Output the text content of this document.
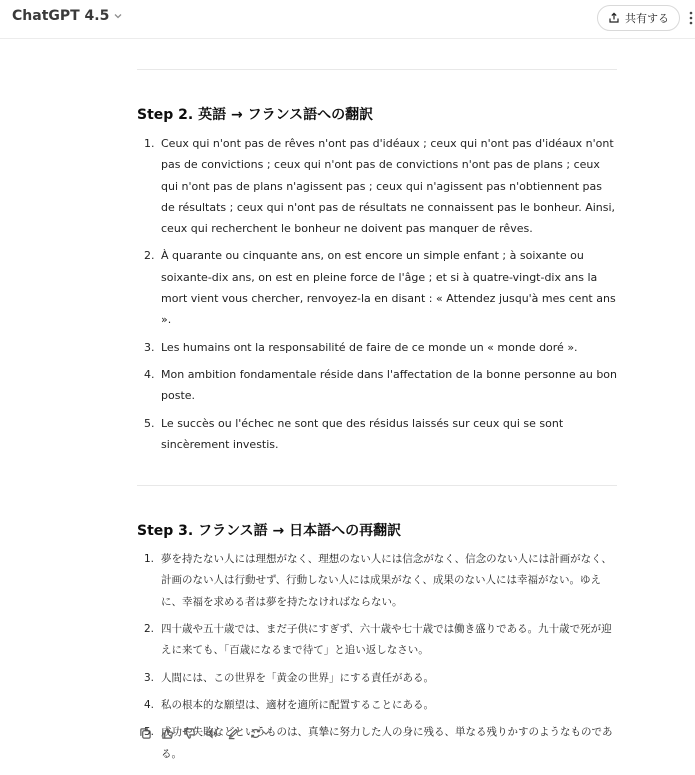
ChatGPT 4.5	共有する
Step 2. 英語 → フランス語への翻訳
1. Ceux qui n'ont pas de rêves n'ont pas d'idéaux ; ceux qui n'ont pas d'idéaux n'ont pas de convictions ; ceux qui n'ont pas de convictions n'ont pas de plans ; ceux qui n'ont pas de plans n'agissent pas ; ceux qui n'agissent pas n'obtiennent pas de résultats ; ceux qui n'ont pas de résultats ne connaissent pas le bonheur. Ainsi, ceux qui recherchent le bonheur ne doivent pas manquer de rêves.
2. À quarante ou cinquante ans, on est encore un simple enfant ; à soixante ou soixante-dix ans, on est en pleine force de l'âge ; et si à quatre-vingt-dix ans la mort vient vous chercher, renvoyez-la en disant : « Attendez jusqu'à mes cent ans ».
3. Les humains ont la responsabilité de faire de ce monde un « monde doré ».
4. Mon ambition fondamentale réside dans l'affectation de la bonne personne au bon poste.
5. Le succès ou l'échec ne sont que des résidus laissés sur ceux qui se sont sincèrement investis.
Step 3. フランス語 → 日本語への再翻訳
1. 夢を持たない人には理想がなく、理想のない人には信念がなく、信念のない人には計画がなく、計画のない人は行動せず、行動しない人には成果がなく、成果のない人には幸福がない。ゆえに、幸福を求める者は夢を持たなければならない。
2. 四十歳や五十歳では、まだ子供にすぎず、六十歳や七十歳では働き盛りである。九十歳で死が迎えに来ても、「百歳になるまで待て」と追い返しなさい。
3. 人間には、この世界を「黄金の世界」にする責任がある。
4. 私の根本的な願望は、適材を適所に配置することにある。
5. 成功や失敗などというものは、真摯に努力した人の身に残る、単なる残りかすのようなものである。
